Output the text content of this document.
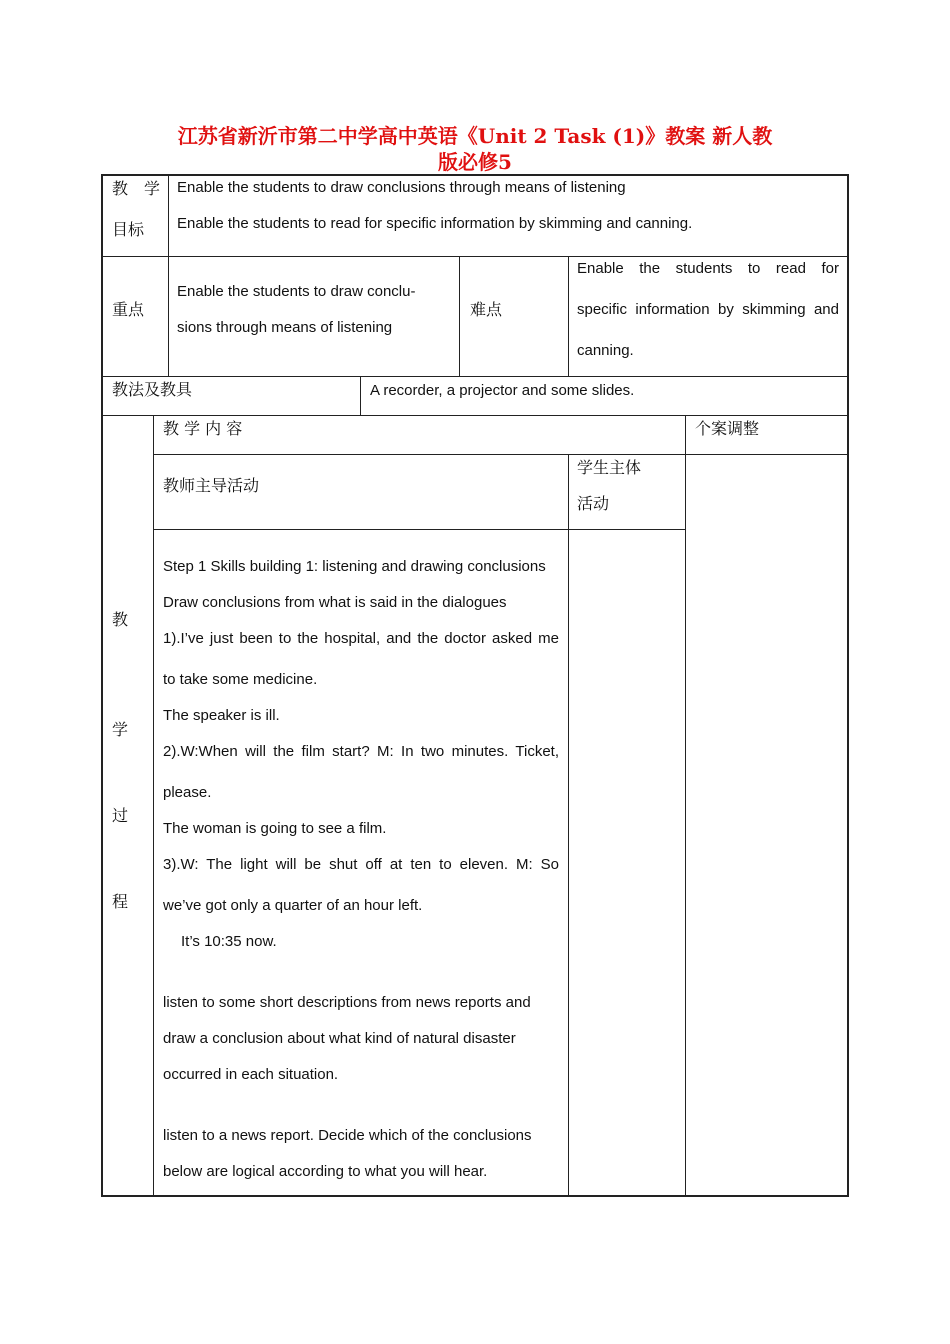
江苏省新沂市第二中学高中英语《Unit 2 Task (1)》教案 新人教
版必修5
教　学
目标
Enable the students to draw conclusions through means of listening
Enable the students to read for specific information by skimming and canning.
重点
Enable the students to draw conclu-
sions through means of listening
难点
Enable the students to read for
specific information by skimming and
canning.
教法及教具	A recorder, a projector and some slides.
教
学
过
程
教 学 内 容	个案调整
教师主导活动
学生主体
活动
Step 1 Skills building 1: listening and drawing conclusions
Draw conclusions from what is said in the dialogues
1).I’ve just been to the hospital, and the doctor asked me
to take some medicine.
The speaker is ill.
2).W:When will the film start? M: In two minutes. Ticket,
please.
The woman is going to see a film.
3).W: The light will be shut off at ten to eleven. M: So
we’ve got only a quarter of an hour left.
It’s 10:35 now.
listen to some short descriptions from news reports and
draw a conclusion about what kind of natural disaster
occurred in each situation.
listen to a news report. Decide which of the conclusions
below are logical according to what you will hear.
